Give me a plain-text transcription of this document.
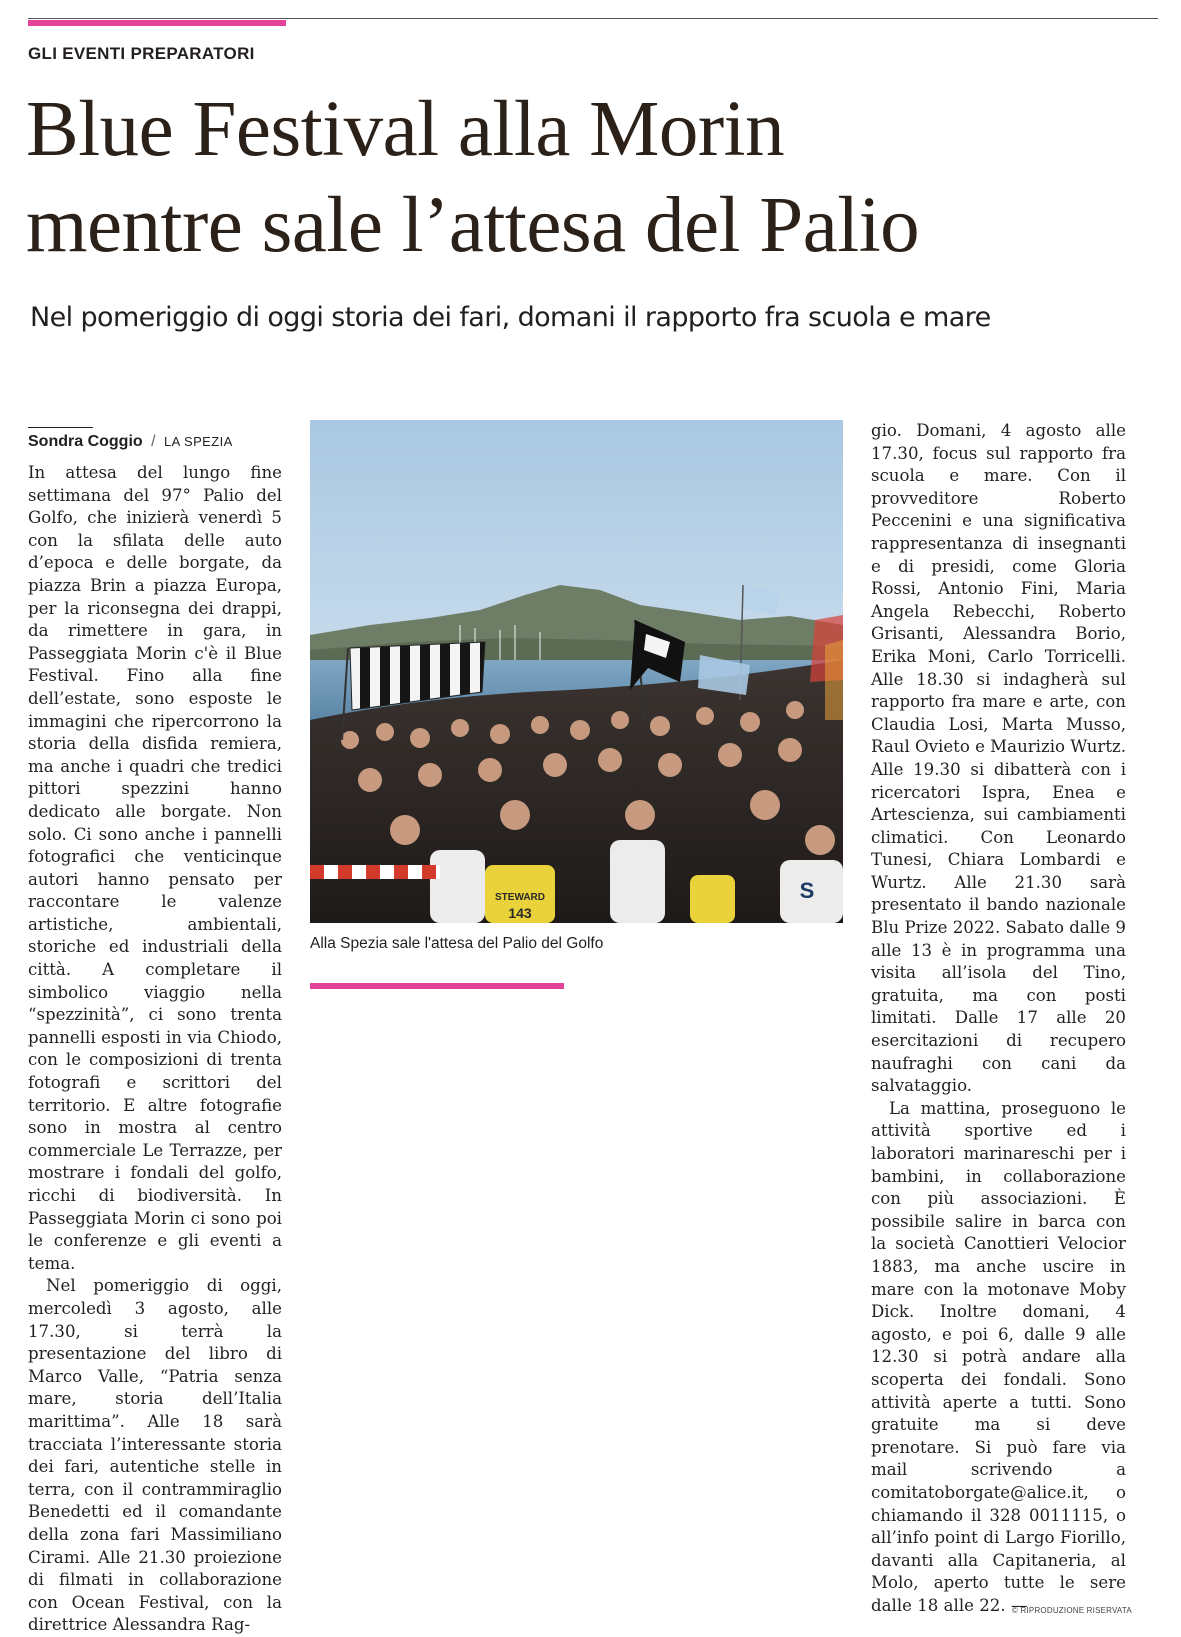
GLI EVENTI PREPARATORI
Blue Festival alla Morin
mentre sale l’attesa del Palio
Nel pomeriggio di oggi storia dei fari, domani il rapporto fra scuola e mare
Sondra Coggio / LA SPEZIA

In attesa del lungo fine settimana del 97° Palio del Golfo, che inizierà venerdì 5 con la sfilata delle auto d’epoca e delle borgate, da piazza Brin a piazza Europa, per la riconsegna dei drappi, da rimettere in gara, in Passeggiata Morin c'è il Blue Festival. Fino alla fine dell’estate, sono esposte le immagini che ripercorrono la storia della disfida remiera, ma anche i quadri che tredici pittori spezzini hanno dedicato alle borgate. Non solo. Ci sono anche i pannelli fotografici che venticinque autori hanno pensato per raccontare le valenze artistiche, ambientali, storiche ed industriali della città. A completare il simbolico viaggio nella “spezzinità”, ci sono trenta pannelli esposti in via Chiodo, con le composizioni di trenta fotografi e scrittori del territorio. E altre fotografie sono in mostra al centro commerciale Le Terrazze, per mostrare i fondali del golfo, ricchi di biodiversità. In Passeggiata Morin ci sono poi le conferenze e gli eventi a tema.

Nel pomeriggio di oggi, mercoledì 3 agosto, alle 17.30, si terrà la presentazione del libro di Marco Valle, “Patria senza mare, storia dell’Italia marittima”. Alle 18 sarà tracciata l’interessante storia dei fari, autentiche stelle in terra, con il contrammiraglio Benedetti ed il comandante della zona fari Massimiliano Cirami. Alle 21.30 proiezione di filmati in collaborazione con Ocean Festival, con la direttrice Alessandra Rag-

STEWARD
143
S
Alla Spezia sale l'attesa del Palio del Golfo

gio. Domani, 4 agosto alle 17.30, focus sul rapporto fra scuola e mare. Con il provveditore Roberto Peccenini e una significativa rappresentanza di insegnanti e di presidi, come Gloria Rossi, Antonio Fini, Maria Angela Rebecchi, Roberto Grisanti, Alessandra Borio, Erika Moni, Carlo Torricelli. Alle 18.30 si indagherà sul rapporto fra mare e arte, con Claudia Losi, Marta Musso, Raul Ovieto e Maurizio Wurtz. Alle 19.30 si dibatterà con i ricercatori Ispra, Enea e Artescienza, sui cambiamenti climatici. Con Leonardo Tunesi, Chiara Lombardi e Wurtz. Alle 21.30 sarà presentato il bando nazionale Blu Prize 2022. Sabato dalle 9 alle 13 è in programma una visita all’isola del Tino, gratuita, ma con posti limitati. Dalle 17 alle 20 esercitazioni di recupero naufraghi con cani da salvataggio.

La mattina, proseguono le attività sportive ed i laboratori marinareschi per i bambini, in collaborazione con più associazioni. È possibile salire in barca con la società Canottieri Velocior 1883, ma anche uscire in mare con la motonave Moby Dick. Inoltre domani, 4 agosto, e poi 6, dalle 9 alle 12.30 si potrà andare alla scoperta dei fondali. Sono attività aperte a tutti. Sono gratuite ma si deve prenotare. Si può fare via mail scrivendo a comitatoborgate@alice.it, o chiamando il 328 0011115, o all’info point di Largo Fiorillo, davanti alla Capitaneria, al Molo, aperto tutte le sere dalle 18 alle 22. —

© RIPRODUZIONE RISERVATA
